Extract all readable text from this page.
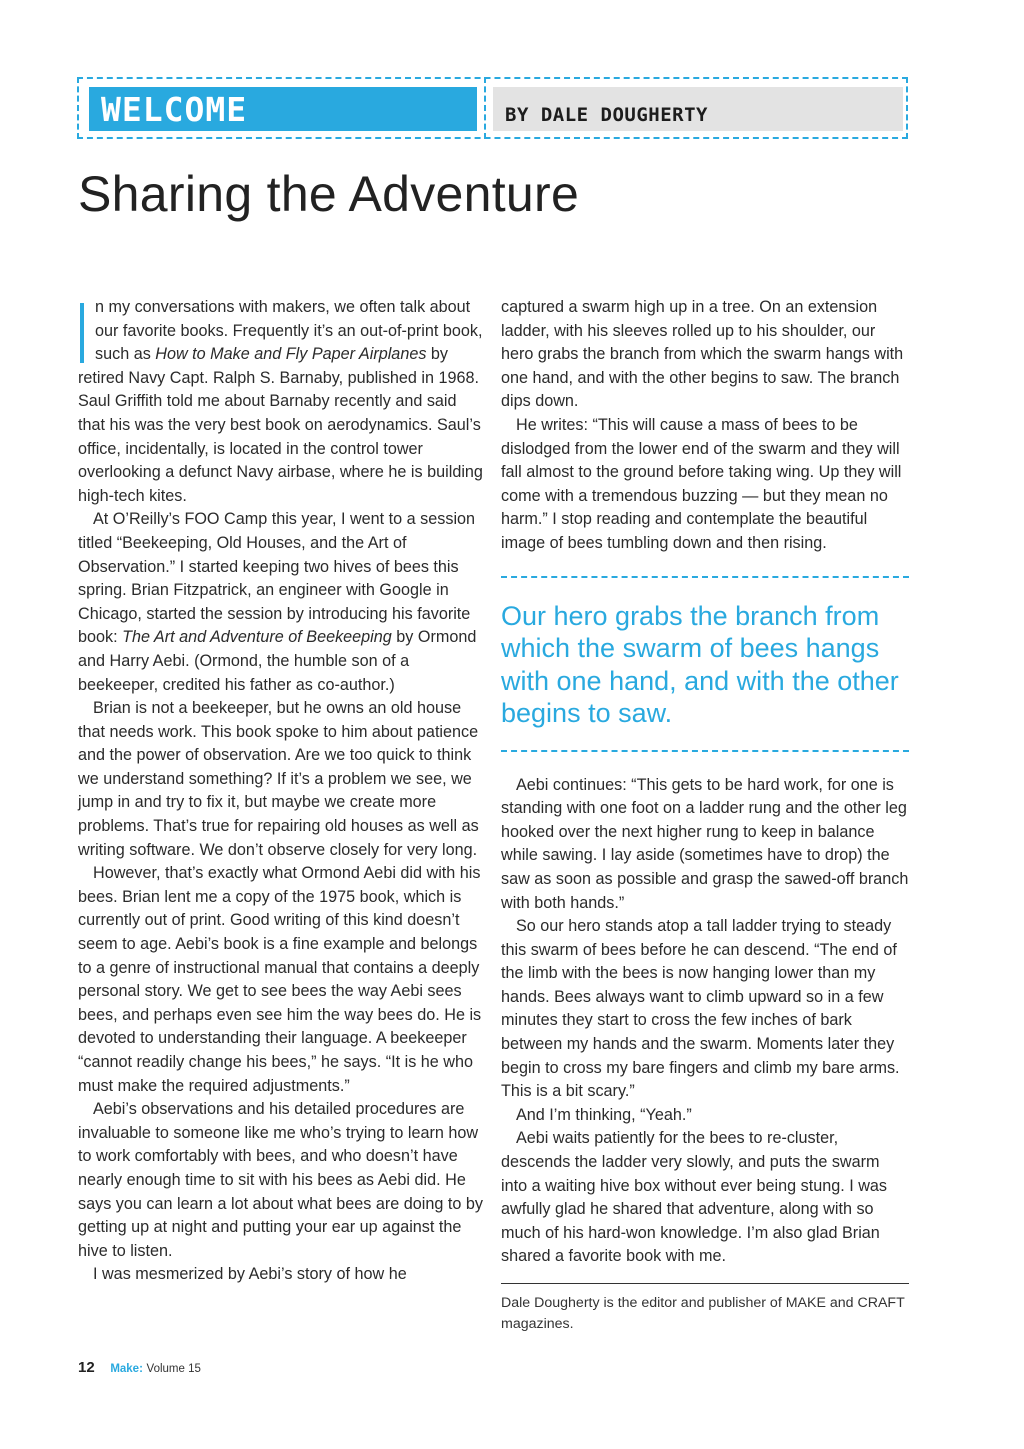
WELCOME	BY DALE DOUGHERTY
Sharing the Adventure

n my conversations with makers, we often talk about our favorite books. Frequently it’s an out-of-print book, such as How to Make and Fly Paper Airplanes by retired Navy Capt. Ralph S. Barnaby, published in 1968. Saul Griffith told me about Barnaby recently and said that his was the very best book on aerodynamics. Saul’s office, incidentally, is located in the control tower overlooking a defunct Navy airbase, where he is building high-tech kites.

At O’Reilly’s FOO Camp this year, I went to a session titled “Beekeeping, Old Houses, and the Art of Observation.” I started keeping two hives of bees this spring. Brian Fitzpatrick, an engineer with Google in Chicago, started the session by introducing his favorite book: The Art and Adventure of Beekeeping by Ormond and Harry Aebi. (Ormond, the humble son of a beekeeper, credited his father as co-author.)

Brian is not a beekeeper, but he owns an old house that needs work. This book spoke to him about patience and the power of observation. Are we too quick to think we understand something? If it’s a problem we see, we jump in and try to fix it, but maybe we create more problems. That’s true for repairing old houses as well as writing software. We don’t observe closely for very long.

However, that’s exactly what Ormond Aebi did with his bees. Brian lent me a copy of the 1975 book, which is currently out of print. Good writing of this kind doesn’t seem to age. Aebi’s book is a fine example and belongs to a genre of instructional manual that contains a deeply personal story. We get to see bees the way Aebi sees bees, and perhaps even see him the way bees do. He is devoted to understanding their language. A beekeeper “cannot readily change his bees,” he says. “It is he who must make the required adjustments.”

Aebi’s observations and his detailed procedures are invaluable to someone like me who’s trying to learn how to work comfortably with bees, and who doesn’t have nearly enough time to sit with his bees as Aebi did. He says you can learn a lot about what bees are doing to by getting up at night and putting your ear up against the hive to listen.

I was mesmerized by Aebi’s story of how he

captured a swarm high up in a tree. On an extension ladder, with his sleeves rolled up to his shoulder, our hero grabs the branch from which the swarm hangs with one hand, and with the other begins to saw. The branch dips down.

He writes: “This will cause a mass of bees to be dislodged from the lower end of the swarm and they will fall almost to the ground before taking wing. Up they will come with a tremendous buzzing — but they mean no harm.” I stop reading and contemplate the beautiful image of bees tumbling down and then rising.

Our hero grabs the branch from which the swarm of bees hangs with one hand, and with the other begins to saw.

Aebi continues: “This gets to be hard work, for one is standing with one foot on a ladder rung and the other leg hooked over the next higher rung to keep in balance while sawing. I lay aside (sometimes have to drop) the saw as soon as possible and grasp the sawed-off branch with both hands.”

So our hero stands atop a tall ladder trying to steady this swarm of bees before he can descend. “The end of the limb with the bees is now hanging lower than my hands. Bees always want to climb upward so in a few minutes they start to cross the few inches of bark between my hands and the swarm. Moments later they begin to cross my bare fingers and climb my bare arms. This is a bit scary.”

And I’m thinking, “Yeah.”

Aebi waits patiently for the bees to re-cluster, descends the ladder very slowly, and puts the swarm into a waiting hive box without ever being stung. I was awfully glad he shared that adventure, along with so much of his hard-won knowledge. I’m also glad Brian shared a favorite book with me.

Dale Dougherty is the editor and publisher of MAKE and CRAFT magazines.
12 Make: Volume 15
